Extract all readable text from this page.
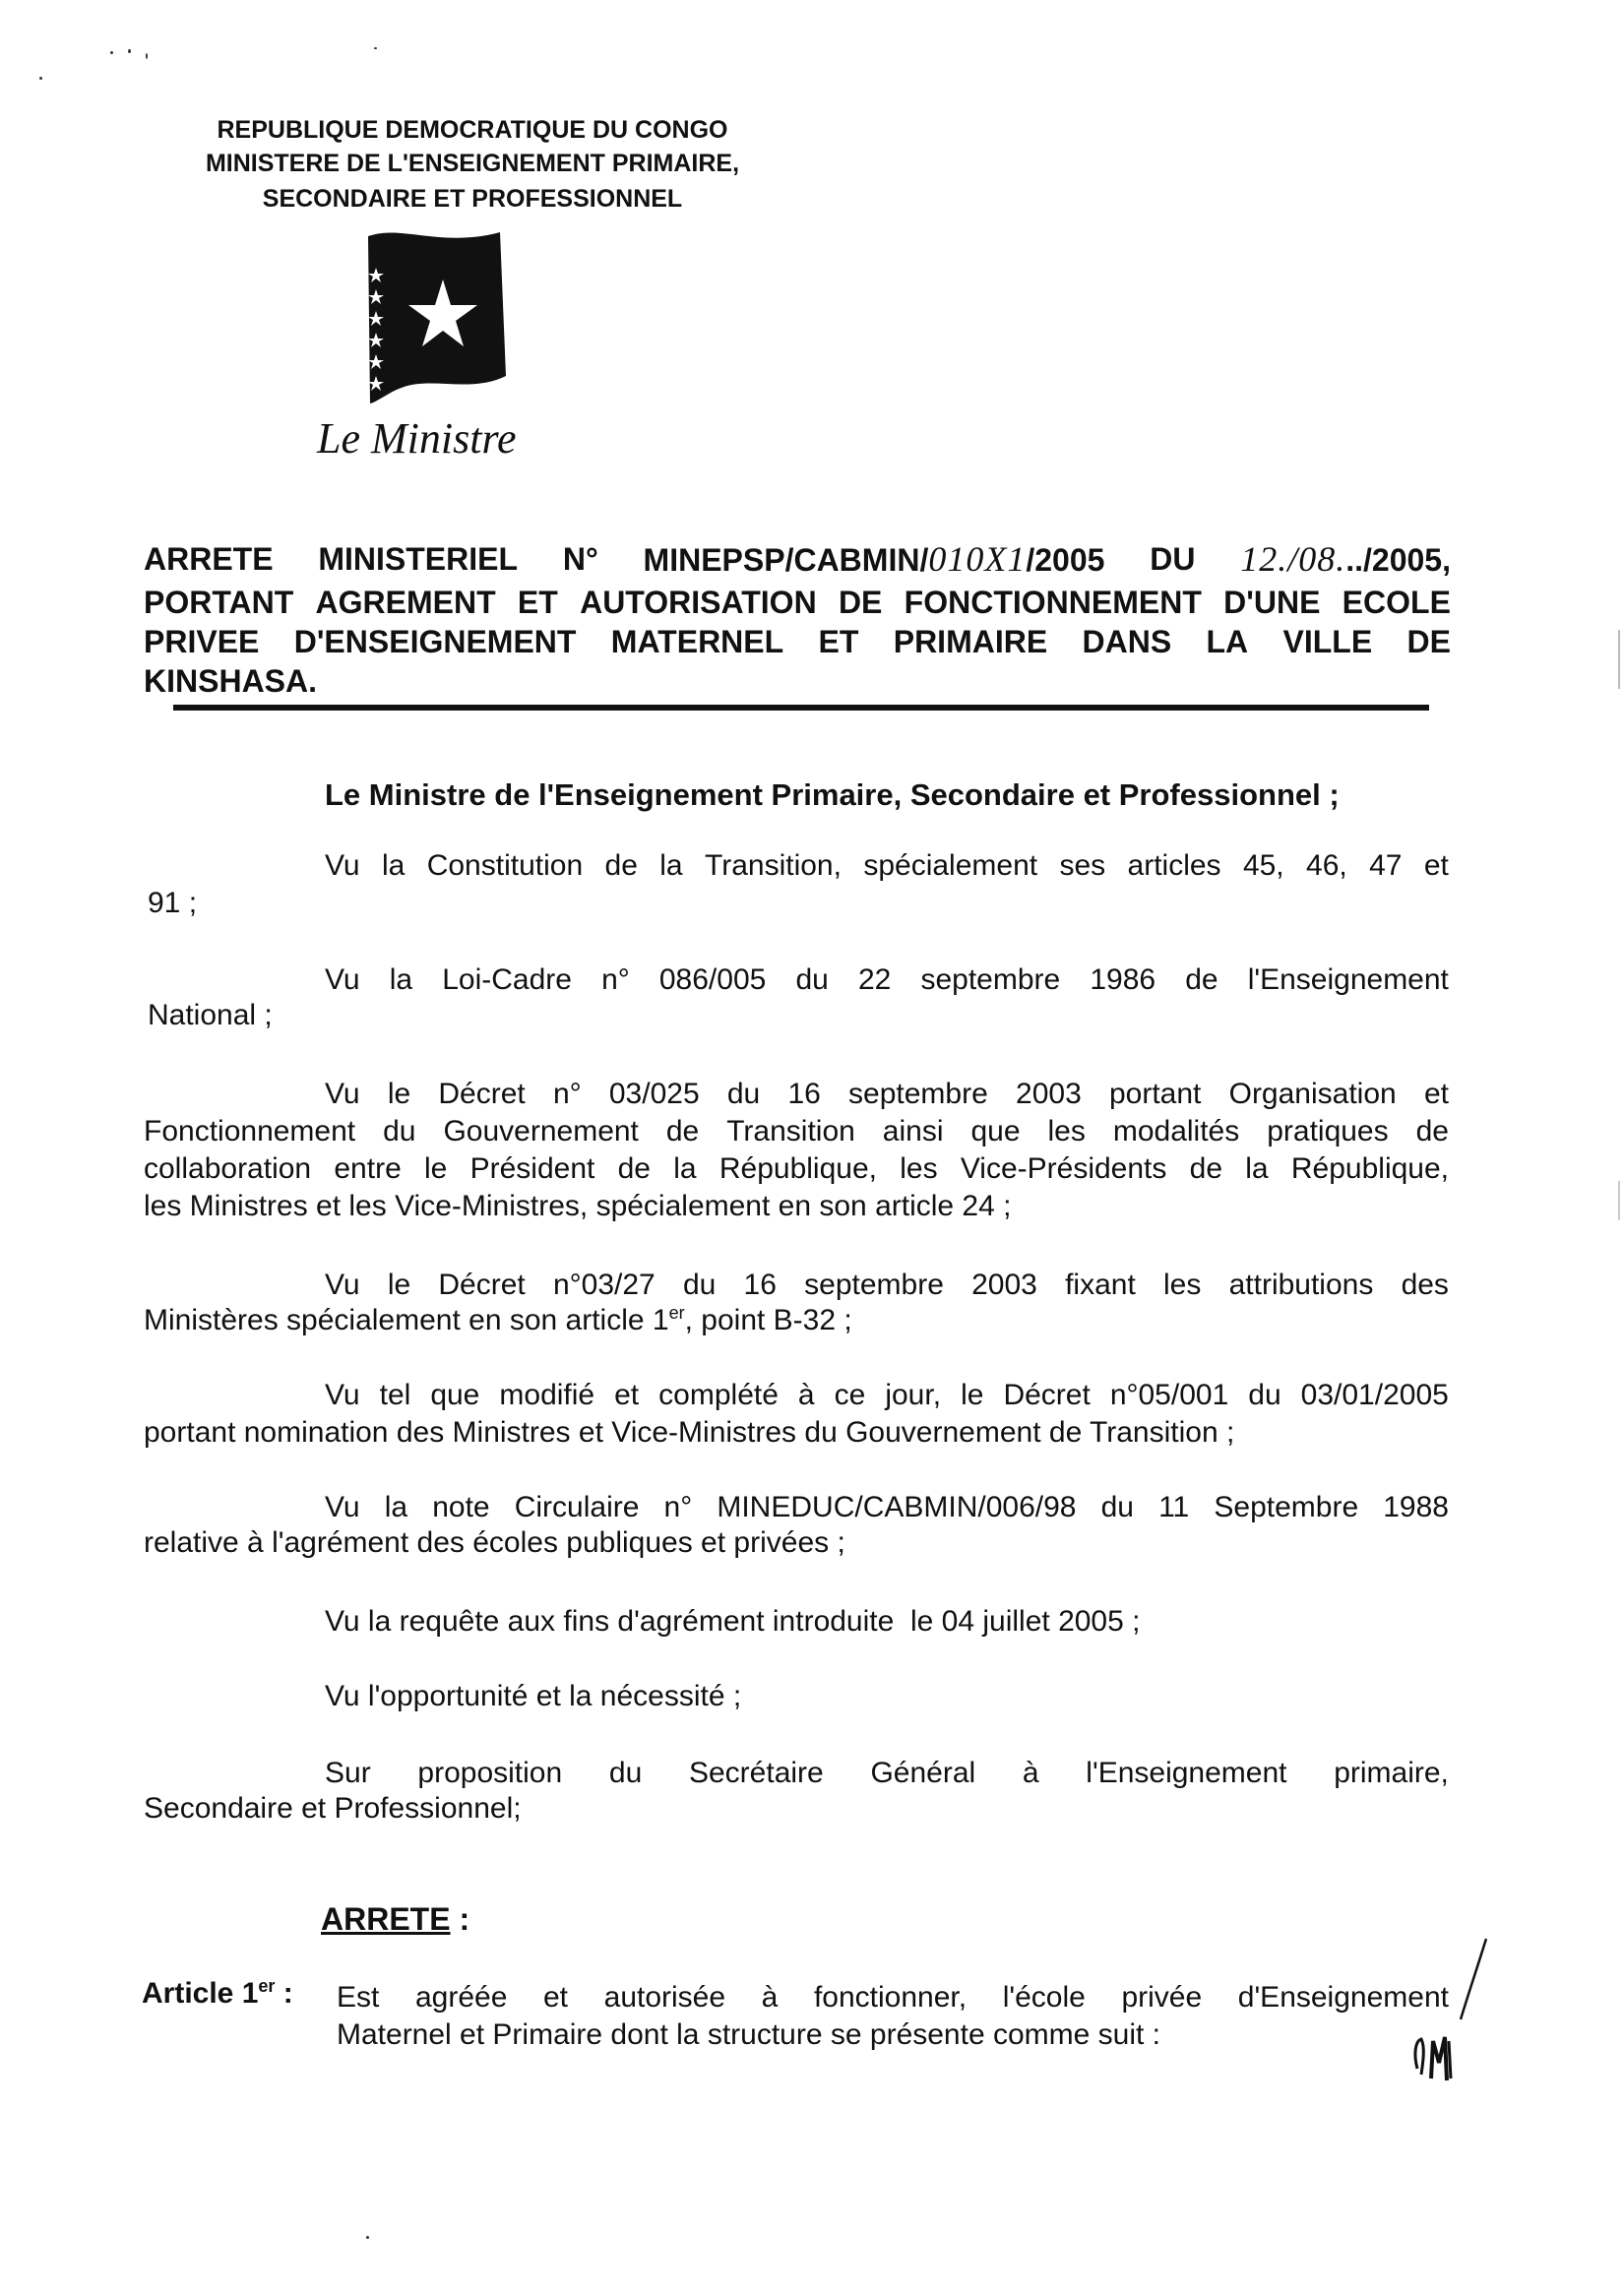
REPUBLIQUE DEMOCRATIQUE DU CONGO
MINISTERE DE L'ENSEIGNEMENT PRIMAIRE,
SECONDAIRE ET PROFESSIONNEL
Le Ministre
ARRETE MINISTERIEL N° MINEPSP/CABMIN/010X1/2005 DU 12./08.../2005,
PORTANT AGREMENT ET AUTORISATION DE FONCTIONNEMENT D'UNE ECOLE
PRIVEE D'ENSEIGNEMENT MATERNEL ET PRIMAIRE DANS LA VILLE DE
KINSHASA.
Le Ministre de l'Enseignement Primaire, Secondaire et Professionnel ;
Vu la Constitution de la Transition, spécialement ses articles 45, 46, 47 et
91 ;
Vu la Loi-Cadre n° 086/005 du 22 septembre 1986 de l'Enseignement
National ;
Vu le Décret n° 03/025 du 16 septembre 2003 portant Organisation et
Fonctionnement du Gouvernement de Transition ainsi que les modalités pratiques de
collaboration entre le Président de la République, les Vice-Présidents de la République,
les Ministres et les Vice-Ministres, spécialement en son article 24 ;
Vu le Décret n°03/27 du 16 septembre 2003 fixant les attributions des
Ministères spécialement en son article 1er, point B-32 ;
Vu tel que modifié et complété à ce jour, le Décret n°05/001 du 03/01/2005
portant nomination des Ministres et Vice-Ministres du Gouvernement de Transition ;
Vu la note Circulaire n° MINEDUC/CABMIN/006/98 du 11 Septembre 1988
relative à l'agrément des écoles publiques et privées ;
Vu la requête aux fins d'agrément introduite  le 04 juillet 2005 ;
Vu l'opportunité et la nécessité ;
Sur proposition du Secrétaire Général à l'Enseignement primaire,
Secondaire et Professionnel;
ARRETE :
Article 1er : Est agréée et autorisée à fonctionner, l'école privée d'Enseignement
Maternel et Primaire dont la structure se présente comme suit :
